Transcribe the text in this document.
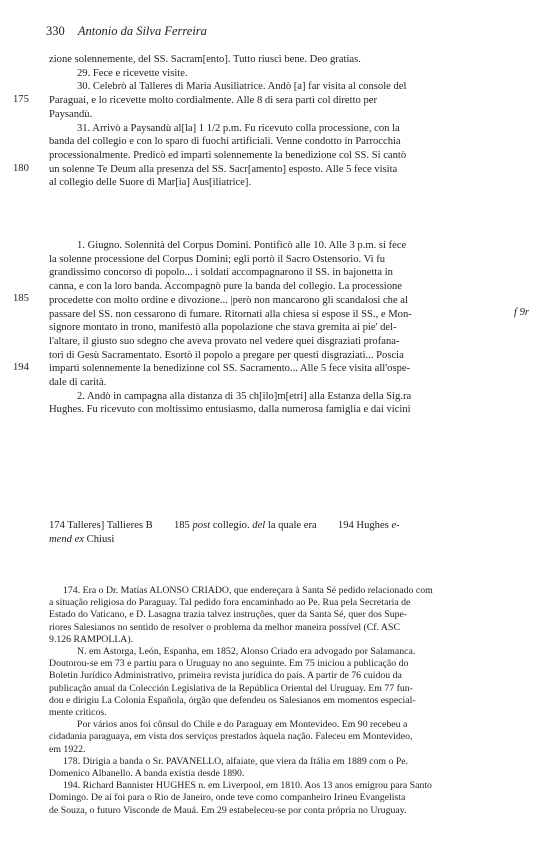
330 Antonio da Silva Ferreira
zione solennemente, del SS. Sacram[ento]. Tutto riuscì bene. Deo gratias.
29. Fece e ricevette visite.
30. Celebrò al Talleres di Maria Ausiliatrice. Andò [a] far visita al console del
Paraguai, e lo ricevette molto cordialmente. Alle 8 di sera partì col diretto per
Paysandù.
31. Arrivò a Paysandù al[la] 1 1/2 p.m. Fu ricevuto colla processione, con la
banda del collegio e con lo sparo di fuochi artificiali. Venne condotto in Parrocchia
processionalmente. Predicò ed impartì solennemente la benedizione col SS. Si cantò
un solenne Te Deum alla presenza del SS. Sacr[amento] esposto. Alle 5 fece visita
al collegio delle Suore di Mar[ia] Aus[iliatrice].
1. Giugno. Solennità del Corpus Domini. Pontificò alle 10. Alle 3 p.m. si fece
la solenne processione del Corpus Domini; egli portò il Sacro Ostensorio. Vi fu
grandissimo concorso di popolo... i soldati accompagnarono il SS. in bajonetta in
canna, e con la loro banda. Accompagnò pure la banda del collegio. La processione
procedette con molto ordine e divozione... |però non mancarono gli scandalosi che al
passare del SS. non cessarono di fumare. Ritornati alla chiesa si espose il SS., e Mon-
signore montato in trono, manifestò alla popolazione che stava gremita ai pie' del-
l'altare, il giusto suo sdegno che aveva provato nel vedere quei disgraziati profana-
tori di Gesù Sacramentato. Esortò il popolo a pregare per questi disgraziati... Poscia
impartì solennemente la benedizione col SS. Sacramento... Alle 5 fece visita all'ospe-
dale di carità.
2. Andò in campagna alla distanza di 35 ch[ilo]m[etri] alla Estanza della Sig.ra
Hughes. Fu ricevuto con moltissimo entusiasmo, dalla numerosa famiglia e dai vicini
175
180
185
194
f 9r
174 Talleres] Tallieres B 185 post collegio. del la quale era 194 Hughes e-
mend ex Chiusi
174. Era o Dr. Matías ALONSO CRIADO, que endereçara à Santa Sé pedido relacionado com
a situação religiosa do Paraguay. Tal pedido fora encaminhado ao Pe. Rua pela Secretaria de
Estado do Vaticano, e D. Lasagna trazia talvez instruções, quer da Santa Sé, quer dos Supe-
riores Salesianos no sentido de resolver o problema da melhor maneira possível (Cf. ASC
9.126 RAMPOLLA).
N. em Astorga, León, Espanha, em 1852, Alonso Criado era advogado por Salamanca.
Doutorou-se em 73 e partiu para o Uruguay no ano seguinte. Em 75 iniciou a publicação do
Boletin Jurídico Administrativo, primeira revista jurídica do país. A partir de 76 cuidou da
publicação anual da Colección Legislativa de la República Oriental del Uruguay. Em 77 fun-
dou e dirigiu La Colonia Española, órgão que defendeu os Salesianos em momentos especial-
mente críticos.
Por vários anos foi cônsul do Chile e do Paraguay em Montevideo. Em 90 recebeu a
cidadania paraguaya, em vista dos serviços prestados àquela nação. Faleceu em Montevideo,
em 1922.
178. Dirigia a banda o Sr. PAVANELLO, alfaiate, que viera da Itália em 1889 com o Pe.
Domenico Albanello. A banda existia desde 1890.
194. Richard Bannister HUGHES n. em Liverpool, em 1810. Aos 13 anos emigrou para Santo
Domingo. De aí foi para o Rio de Janeiro, onde teve como companheiro Irineu Evangelista
de Souza, o futuro Visconde de Mauá. Em 29 estabeleceu-se por conta própria no Uruguay.
